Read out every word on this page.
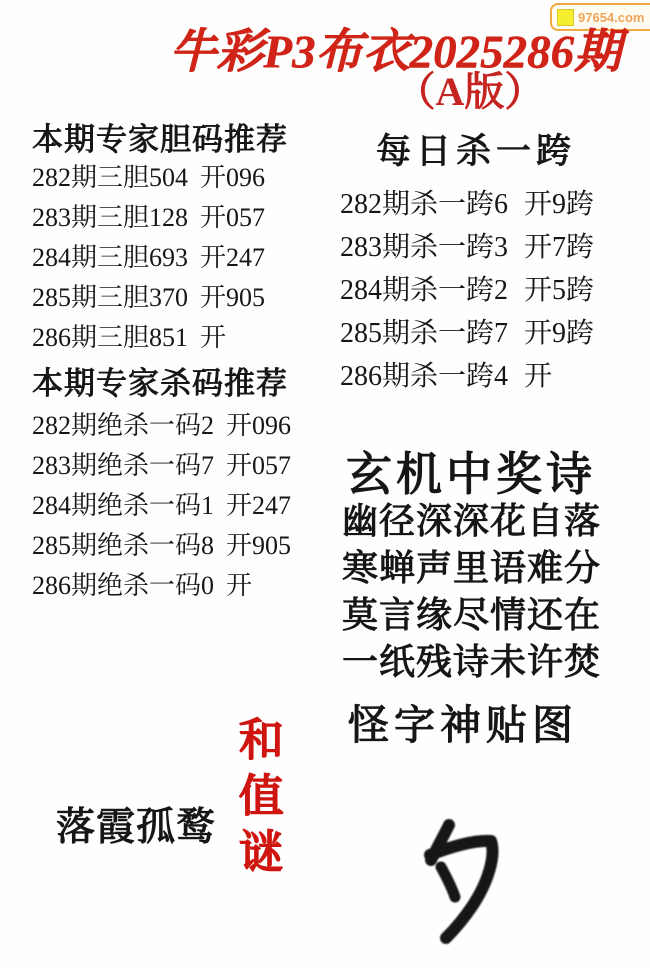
97654.com
牛彩P3布衣2025286期
（A版）
本期专家胆码推荐
282期三胆504 开096
283期三胆128 开057
284期三胆693 开247
285期三胆370 开905
286期三胆851 开
本期专家杀码推荐
282期绝杀一码2 开096
283期绝杀一码7 开057
284期绝杀一码1 开247
285期绝杀一码8 开905
286期绝杀一码0 开
每日杀一跨
282期杀一跨6 开9跨
283期杀一跨3 开7跨
284期杀一跨2 开5跨
285期杀一跨7 开9跨
286期杀一跨4 开
玄机中奖诗
幽径深深花自落
寒蝉声里语难分
莫言缘尽情还在
一纸残诗未许焚
怪字神贴图
和
值
谜
落霞孤鹜
